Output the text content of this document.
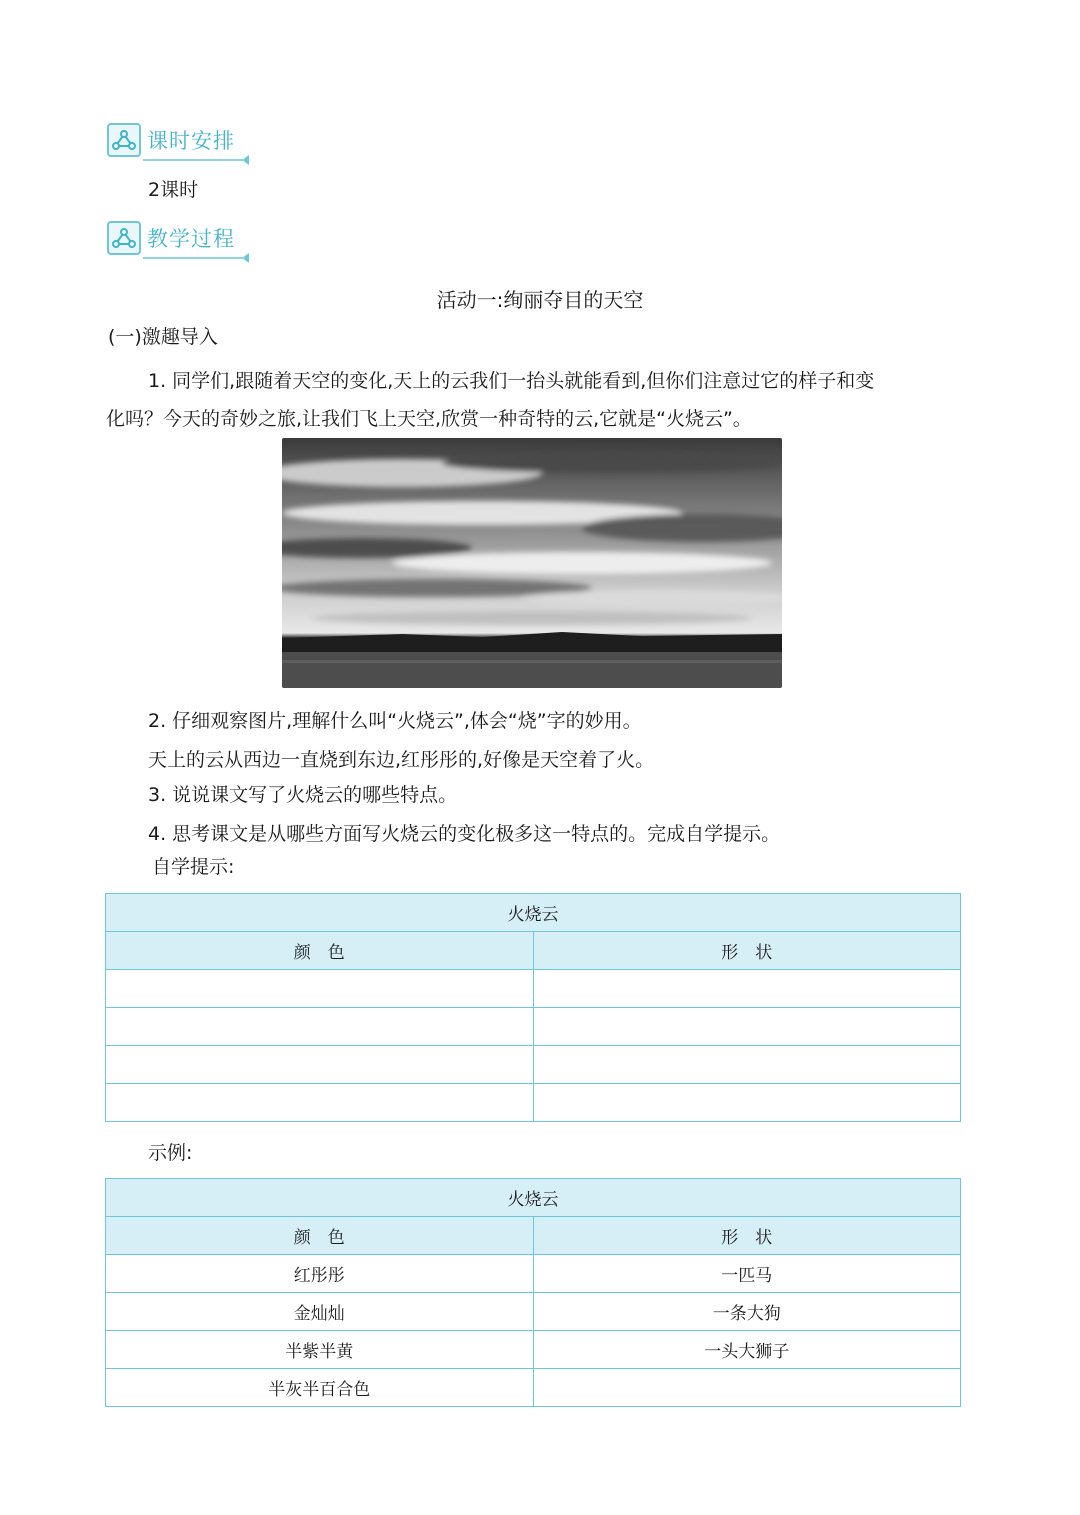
课时安排
2课时
教学过程
活动一:绚丽夺目的天空
(一)激趣导入
1. 同学们,跟随着天空的变化,天上的云我们一抬头就能看到,但你们注意过它的样子和变
化吗？今天的奇妙之旅,让我们飞上天空,欣赏一种奇特的云,它就是“火烧云”。
2. 仔细观察图片,理解什么叫“火烧云”,体会“烧”字的妙用。
天上的云从西边一直烧到东边,红彤彤的,好像是天空着了火。
3. 说说课文写了火烧云的哪些特点。
4. 思考课文是从哪些方面写火烧云的变化极多这一特点的。完成自学提示。
自学提示:
火烧云	
颜　色	形　状

示例:
火烧云	
颜　色	形　状
红彤彤	一匹马
金灿灿	一条大狗
半紫半黄	一头大狮子
半灰半百合色	
